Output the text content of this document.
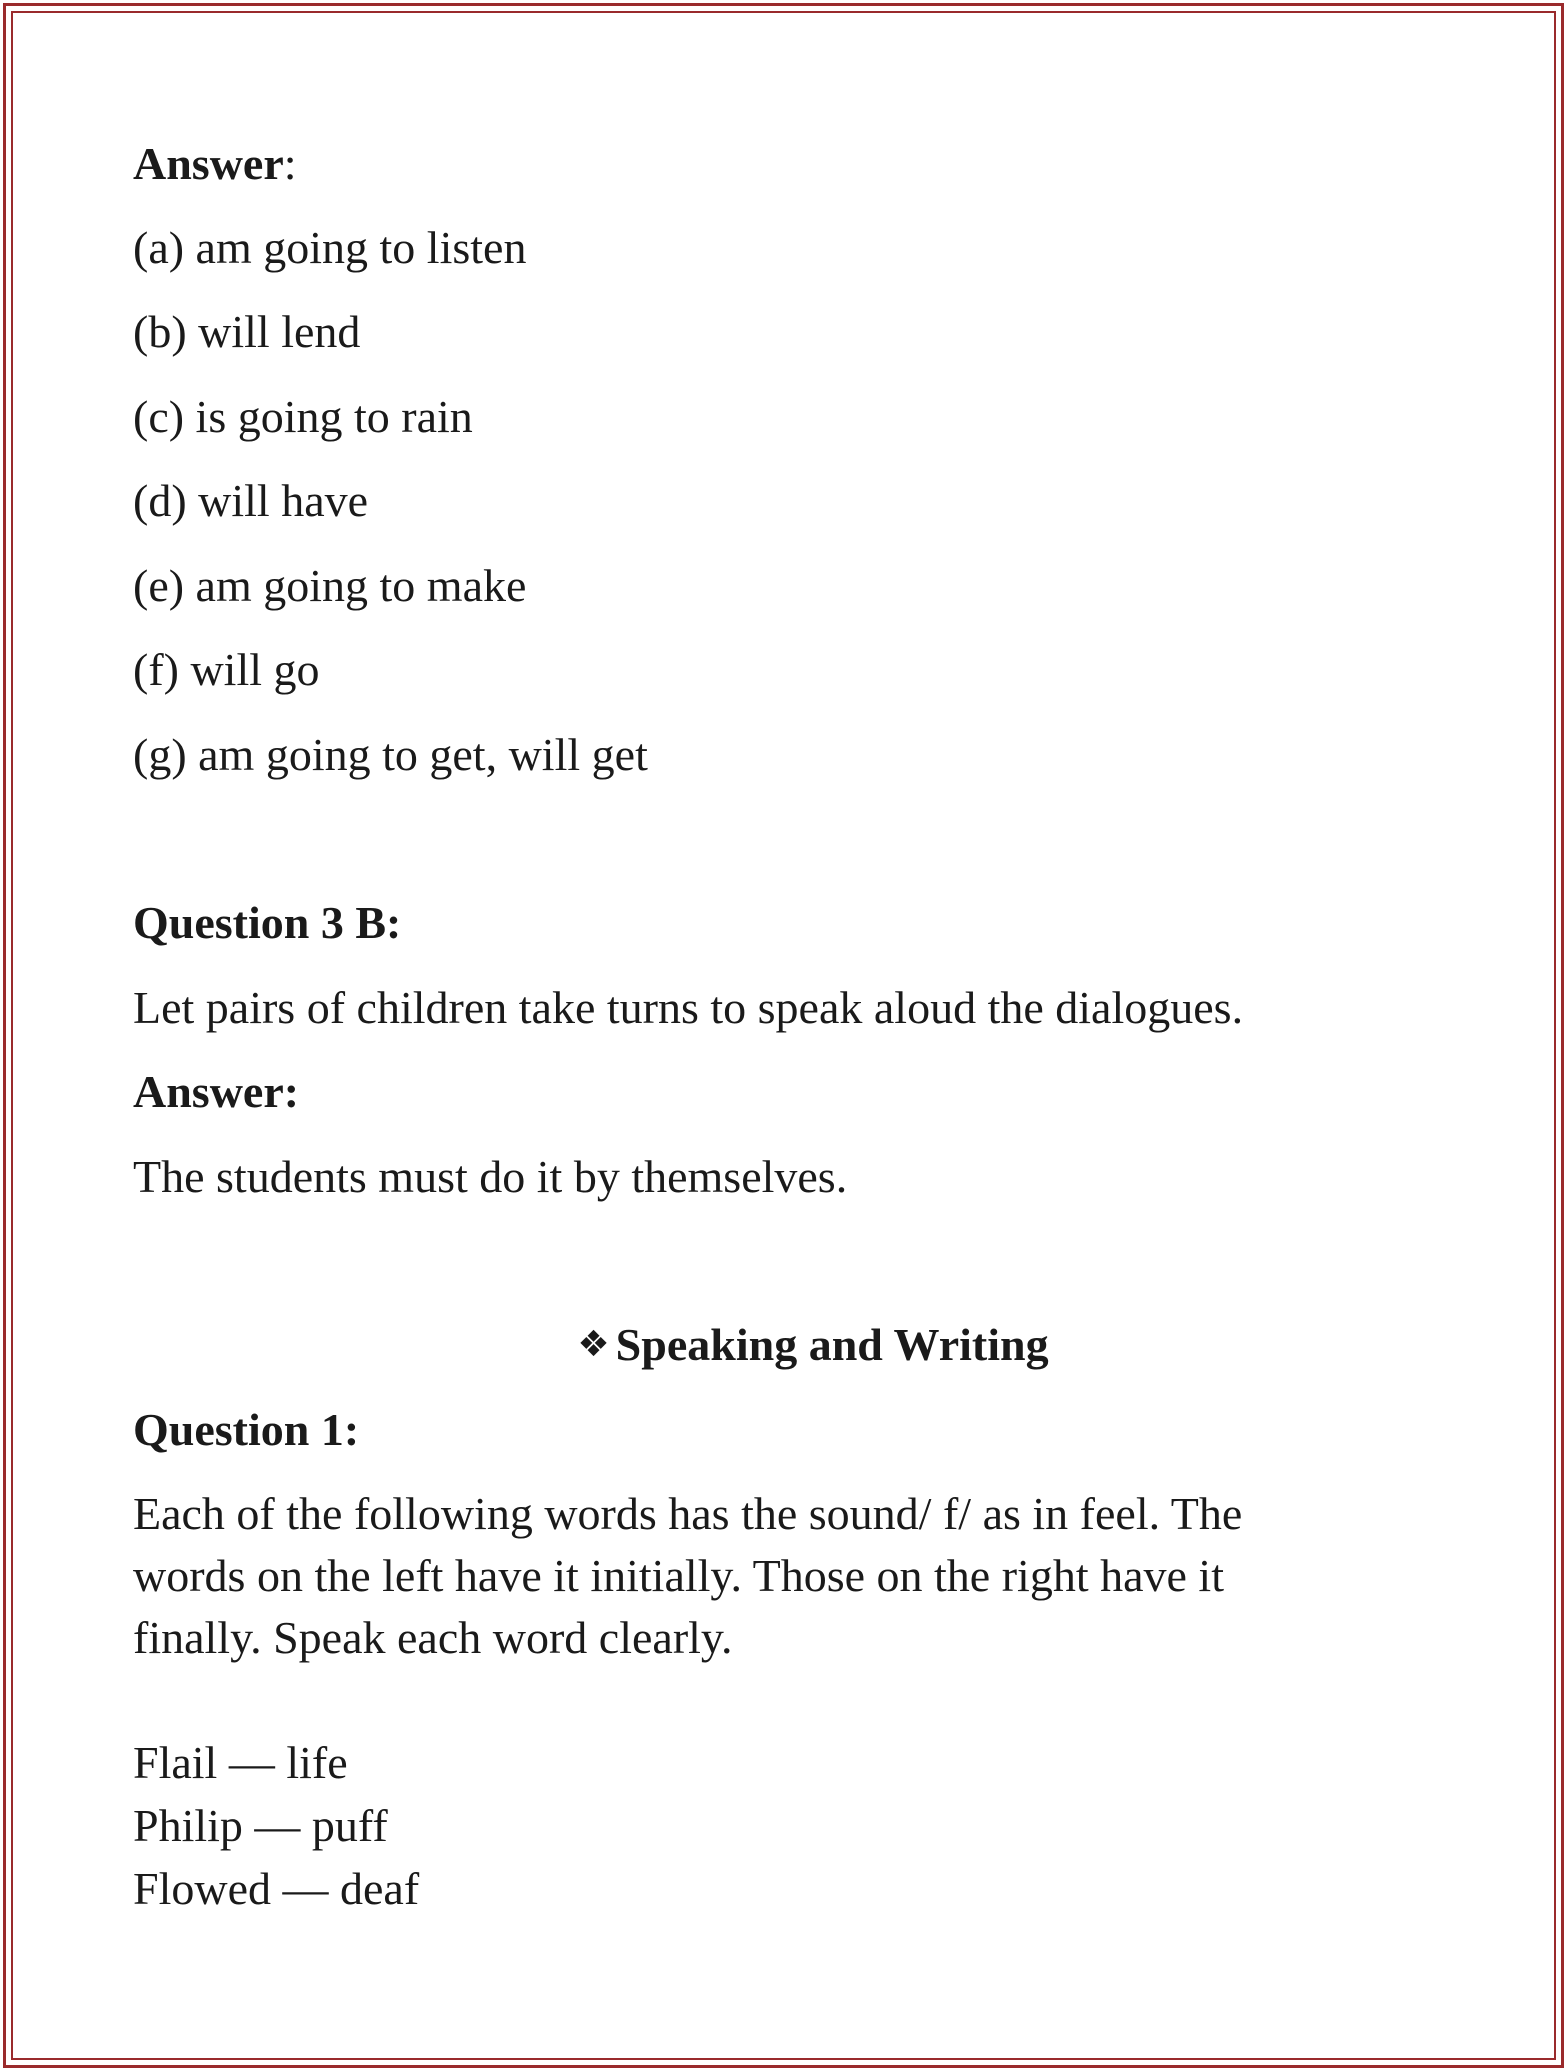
Answer:
(a) am going to listen
(b) will lend
(c) is going to rain
(d) will have
(e) am going to make
(f) will go
(g) am going to get, will get
Question 3 B:
Let pairs of children take turns to speak aloud the dialogues.
Answer:
The students must do it by themselves.
❖ Speaking and Writing
Question 1:
Each of the following words has the sound/ f/ as in feel. The words on the left have it initially. Those on the right have it finally. Speak each word clearly.
Flail — life
Philip — puff
Flowed — deaf
